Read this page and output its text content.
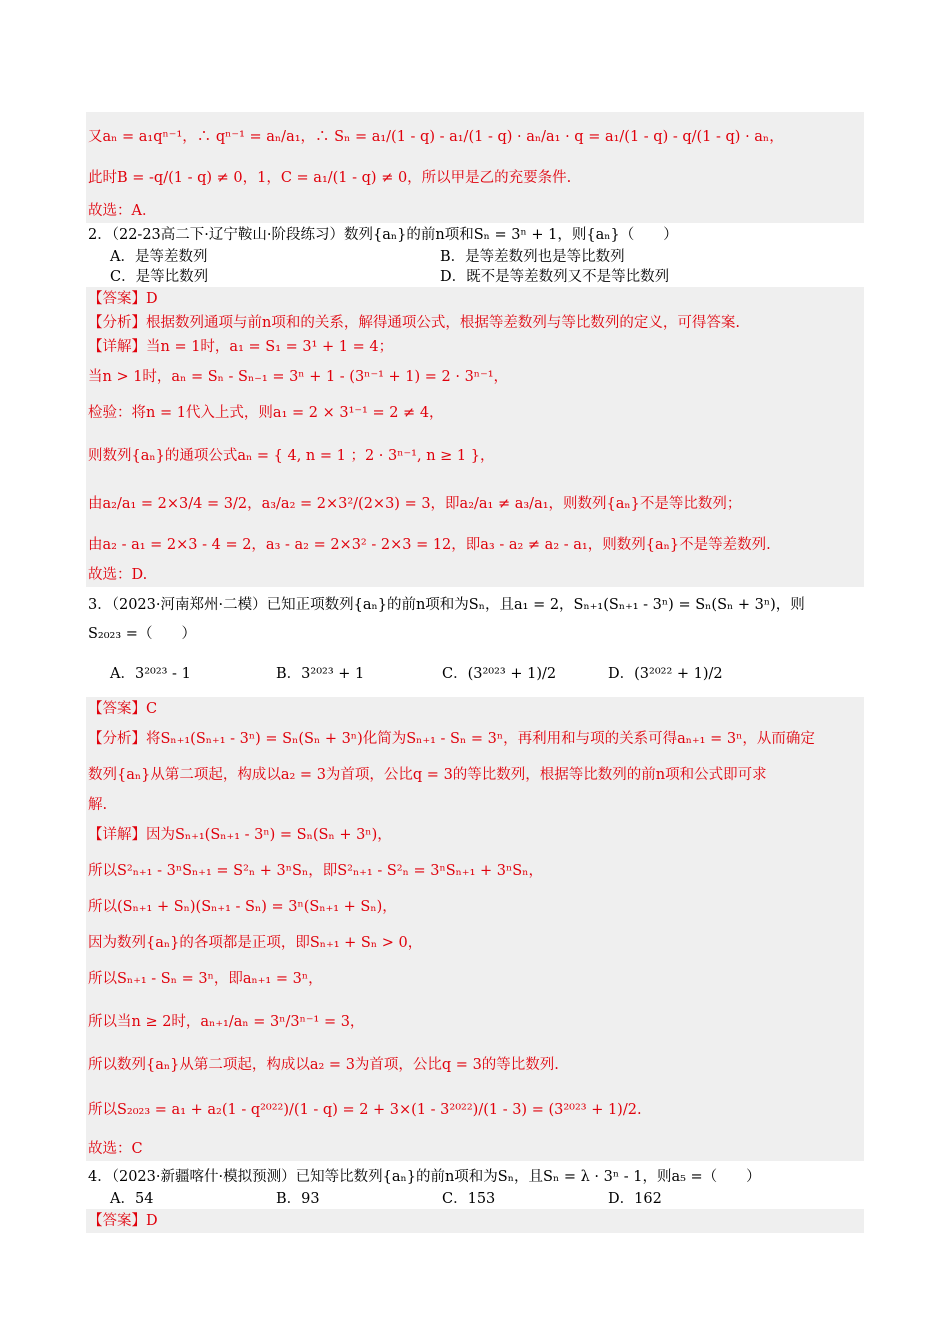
又aₙ = a₁qⁿ⁻¹，∴ qⁿ⁻¹ = aₙ/a₁，∴ Sₙ = a₁/(1 - q) - a₁/(1 - q) · aₙ/a₁ · q = a₁/(1 - q) - q/(1 - q) · aₙ，
此时B = -q/(1 - q) ≠ 0，1，C = a₁/(1 - q) ≠ 0，所以甲是乙的充要条件.
故选：A．
2．（22-23高二下·辽宁鞍山·阶段练习）数列{aₙ}的前n项和Sₙ = 3ⁿ + 1，则{aₙ}（　　）
A．是等差数列	B．是等差数列也是等比数列
C．是等比数列	D．既不是等差数列又不是等比数列
【答案】D
【分析】根据数列通项与前n项和的关系，解得通项公式，根据等差数列与等比数列的定义，可得答案.
【详解】当n = 1时，a₁ = S₁ = 3¹ + 1 = 4；
当n > 1时，aₙ = Sₙ - Sₙ₋₁ = 3ⁿ + 1 - (3ⁿ⁻¹ + 1) = 2 · 3ⁿ⁻¹，
检验：将n = 1代入上式，则a₁ = 2 × 3¹⁻¹ = 2 ≠ 4，
则数列{aₙ}的通项公式aₙ = { 4, n = 1 ；2 · 3ⁿ⁻¹, n ≥ 1 }，
由a₂/a₁ = 2×3/4 = 3/2，a₃/a₂ = 2×3²/(2×3) = 3，即a₂/a₁ ≠ a₃/a₁，则数列{aₙ}不是等比数列；
由a₂ - a₁ = 2×3 - 4 = 2，a₃ - a₂ = 2×3² - 2×3 = 12，即a₃ - a₂ ≠ a₂ - a₁，则数列{aₙ}不是等差数列.
故选：D.
3．（2023·河南郑州·二模）已知正项数列{aₙ}的前n项和为Sₙ，且a₁ = 2，Sₙ₊₁(Sₙ₊₁ - 3ⁿ) = Sₙ(Sₙ + 3ⁿ)，则
S₂₀₂₃ =（　　）
A．3²⁰²³ - 1	B．3²⁰²³ + 1	C．(3²⁰²³ + 1)/2	D．(3²⁰²² + 1)/2
【答案】C
【分析】将Sₙ₊₁(Sₙ₊₁ - 3ⁿ) = Sₙ(Sₙ + 3ⁿ)化简为Sₙ₊₁ - Sₙ = 3ⁿ，再利用和与项的关系可得aₙ₊₁ = 3ⁿ，从而确定
数列{aₙ}从第二项起，构成以a₂ = 3为首项，公比q = 3的等比数列，根据等比数列的前n项和公式即可求
解.
【详解】因为Sₙ₊₁(Sₙ₊₁ - 3ⁿ) = Sₙ(Sₙ + 3ⁿ)，
所以S²ₙ₊₁ - 3ⁿSₙ₊₁ = S²ₙ + 3ⁿSₙ，即S²ₙ₊₁ - S²ₙ = 3ⁿSₙ₊₁ + 3ⁿSₙ，
所以(Sₙ₊₁ + Sₙ)(Sₙ₊₁ - Sₙ) = 3ⁿ(Sₙ₊₁ + Sₙ)，
因为数列{aₙ}的各项都是正项，即Sₙ₊₁ + Sₙ > 0，
所以Sₙ₊₁ - Sₙ = 3ⁿ，即aₙ₊₁ = 3ⁿ，
所以当n ≥ 2时，aₙ₊₁/aₙ = 3ⁿ/3ⁿ⁻¹ = 3，
所以数列{aₙ}从第二项起，构成以a₂ = 3为首项，公比q = 3的等比数列.
所以S₂₀₂₃ = a₁ + a₂(1 - q²⁰²²)/(1 - q) = 2 + 3×(1 - 3²⁰²²)/(1 - 3) = (3²⁰²³ + 1)/2.
故选：C
4．（2023·新疆喀什·模拟预测）已知等比数列{aₙ}的前n项和为Sₙ，且Sₙ = λ · 3ⁿ - 1，则a₅ =（　　）
A．54	B．93	C．153	D．162
【答案】D
